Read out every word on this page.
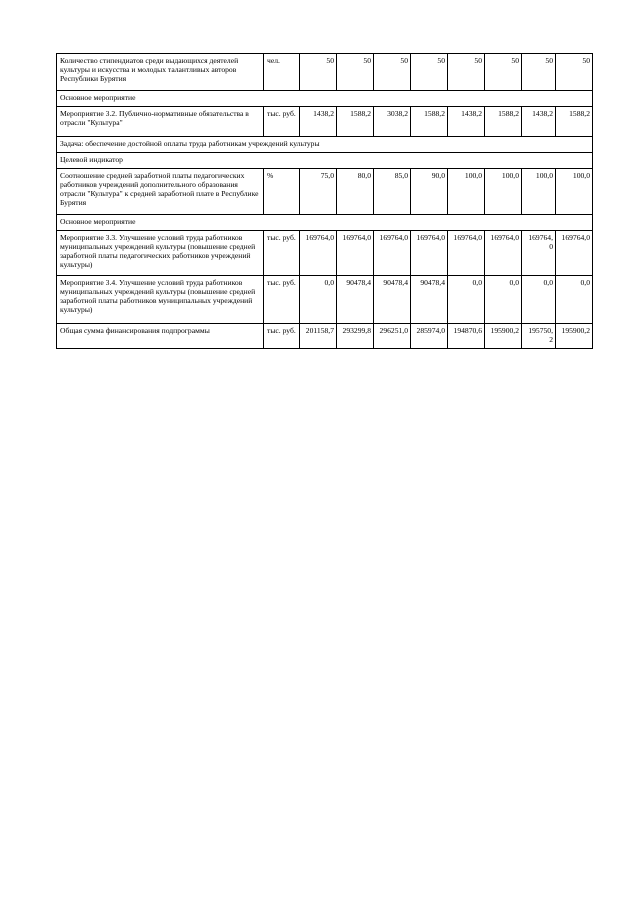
Количество стипендиатов среди выдающихся деятелей культуры и искусства и молодых талантливых авторов Республики Бурятия	чел.	50	50	50	50	50	50	50	50
Основное мероприятие									
Мероприятие 3.2. Публично-нормативные обязательства в отрасли "Культура"	тыс. руб.	1438,2	1588,2	3038,2	1588,2	1438,2	1588,2	1438,2	1588,2
Задача: обеспечение достойной оплаты труда работникам учреждений культуры									
Целевой индикатор									
Соотношение средней заработной платы педагогических работников учреждений дополнительного образования отрасли "Культура" к средней заработной плате в Республике Бурятия	%	75,0	80,0	85,0	90,0	100,0	100,0	100,0	100,0
Основное мероприятие									
Мероприятие 3.3. Улучшение условий труда работников муниципальных учреждений культуры (повышение средней заработной платы педагогических работников учреждений культуры)	тыс. руб.	169764,0	169764,0	169764,0	169764,0	169764,0	169764,0	169764,0	169764,0
Мероприятие 3.4. Улучшение условий труда работников муниципальных учреждений культуры (повышение средней заработной платы работников муниципальных учреждений культуры)	тыс. руб.	0,0	90478,4	90478,4	90478,4	0,0	0,0	0,0	0,0
Общая сумма финансирования подпрограммы	тыс. руб.	201158,7	293299,8	296251,0	285974,0	194870,6	195900,2	195750,2	195900,2
